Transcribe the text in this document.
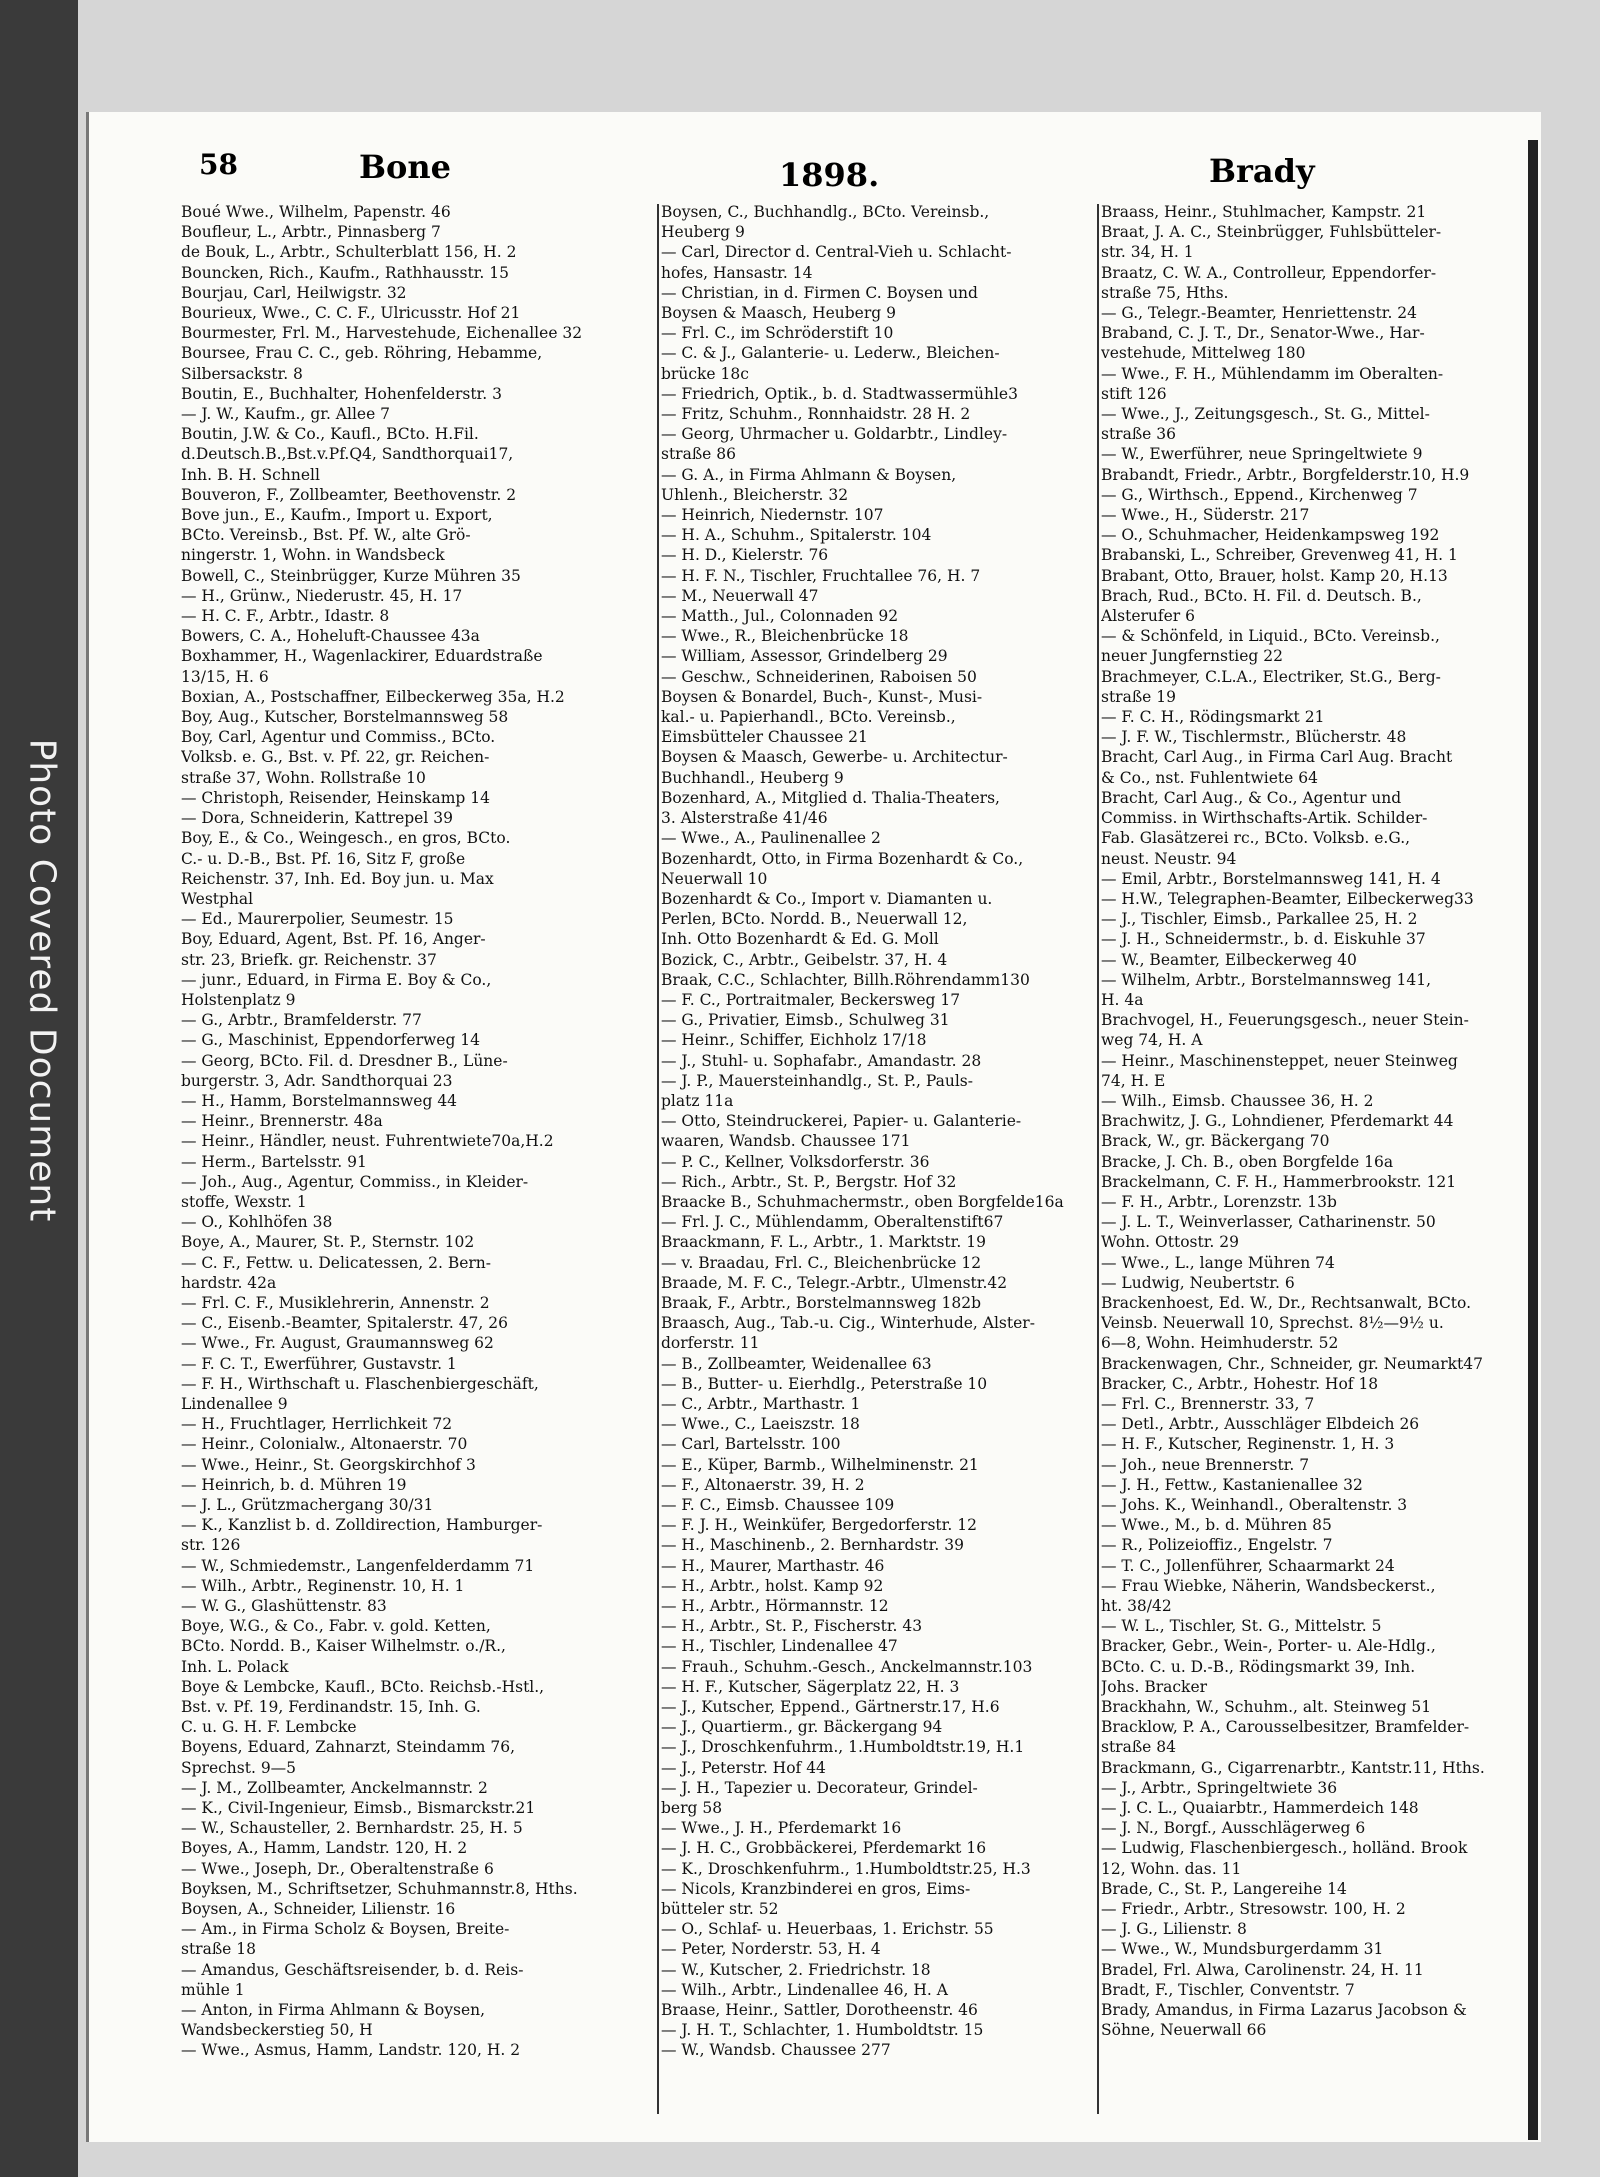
Photo Covered Document
58	Bone	1898.	Brady
Boué Wwe., Wilhelm, Papenstr. 46
Boufleur, L., Arbtr., Pinnasberg 7
de Bouk, L., Arbtr., Schulterblatt 156, H. 2
Bouncken, Rich., Kaufm., Rathhausstr. 15
Bourjau, Carl, Heilwigstr. 32
Bourieux, Wwe., C. C. F., Ulricusstr. Hof 21
Bourmester, Frl. M., Harvestehude, Eichenallee 32
Boursee, Frau C. C., geb. Röhring, Hebamme,
Silbersackstr. 8
Boutin, E., Buchhalter, Hohenfelderstr. 3
— J. W., Kaufm., gr. Allee 7
Boutin, J.W. & Co., Kaufl., BCto. H.Fil.
d.Deutsch.B.,Bst.v.Pf.Q4, Sandthorquai17,
Inh. B. H. Schnell
Bouveron, F., Zollbeamter, Beethovenstr. 2
Bove jun., E., Kaufm., Import u. Export,
BCto. Vereinsb., Bst. Pf. W., alte Grö-
ningerstr. 1, Wohn. in Wandsbeck
Bowell, C., Steinbrügger, Kurze Mühren 35
— H., Grünw., Niederustr. 45, H. 17
— H. C. F., Arbtr., Idastr. 8
Bowers, C. A., Hoheluft-Chaussee 43a
Boxhammer, H., Wagenlackirer, Eduardstraße
13/15, H. 6
Boxian, A., Postschaffner, Eilbeckerweg 35a, H.2
Boy, Aug., Kutscher, Borstelmannsweg 58
Boy, Carl, Agentur und Commiss., BCto.
Volksb. e. G., Bst. v. Pf. 22, gr. Reichen-
straße 37, Wohn. Rollstraße 10
— Christoph, Reisender, Heinskamp 14
— Dora, Schneiderin, Kattrepel 39
Boy, E., & Co., Weingesch., en gros, BCto.
C.- u. D.-B., Bst. Pf. 16, Sitz F, große
Reichenstr. 37, Inh. Ed. Boy jun. u. Max
Westphal
— Ed., Maurerpolier, Seumestr. 15
Boy, Eduard, Agent, Bst. Pf. 16, Anger-
str. 23, Briefk. gr. Reichenstr. 37
— junr., Eduard, in Firma E. Boy & Co.,
Holstenplatz 9
— G., Arbtr., Bramfelderstr. 77
— G., Maschinist, Eppendorferweg 14
— Georg, BCto. Fil. d. Dresdner B., Lüne-
burgerstr. 3, Adr. Sandthorquai 23
— H., Hamm, Borstelmannsweg 44
— Heinr., Brennerstr. 48a
— Heinr., Händler, neust. Fuhrentwiete70a,H.2
— Herm., Bartelsstr. 91
— Joh., Aug., Agentur, Commiss., in Kleider-
stoffe, Wexstr. 1
— O., Kohlhöfen 38
Boye, A., Maurer, St. P., Sternstr. 102
— C. F., Fettw. u. Delicatessen, 2. Bern-
hardstr. 42a
— Frl. C. F., Musiklehrerin, Annenstr. 2
— C., Eisenb.-Beamter, Spitalerstr. 47, 26
— Wwe., Fr. August, Graumannsweg 62
— F. C. T., Ewerführer, Gustavstr. 1
— F. H., Wirthschaft u. Flaschenbiergeschäft,
Lindenallee 9
— H., Fruchtlager, Herrlichkeit 72
— Heinr., Colonialw., Altonaerstr. 70
— Wwe., Heinr., St. Georgskirchhof 3
— Heinrich, b. d. Mühren 19
— J. L., Grützmachergang 30/31
— K., Kanzlist b. d. Zolldirection, Hamburger-
str. 126
— W., Schmiedemstr., Langenfelderdamm 71
— Wilh., Arbtr., Reginenstr. 10, H. 1
— W. G., Glashüttenstr. 83
Boye, W.G., & Co., Fabr. v. gold. Ketten,
BCto. Nordd. B., Kaiser Wilhelmstr. o./R.,
Inh. L. Polack
Boye & Lembcke, Kaufl., BCto. Reichsb.-Hstl.,
Bst. v. Pf. 19, Ferdinandstr. 15, Inh. G.
C. u. G. H. F. Lembcke
Boyens, Eduard, Zahnarzt, Steindamm 76,
Sprechst. 9—5
— J. M., Zollbeamter, Anckelmannstr. 2
— K., Civil-Ingenieur, Eimsb., Bismarckstr.21
— W., Schausteller, 2. Bernhardstr. 25, H. 5
Boyes, A., Hamm, Landstr. 120, H. 2
— Wwe., Joseph, Dr., Oberaltenstraße 6
Boyksen, M., Schriftsetzer, Schuhmannstr.8, Hths.
Boysen, A., Schneider, Lilienstr. 16
— Am., in Firma Scholz & Boysen, Breite-
straße 18
— Amandus, Geschäftsreisender, b. d. Reis-
mühle 1
— Anton, in Firma Ahlmann & Boysen,
Wandsbeckerstieg 50, H
— Wwe., Asmus, Hamm, Landstr. 120, H. 2
Boysen, C., Buchhandlg., BCto. Vereinsb.,
Heuberg 9
— Carl, Director d. Central-Vieh u. Schlacht-
hofes, Hansastr. 14
— Christian, in d. Firmen C. Boysen und
Boysen & Maasch, Heuberg 9
— Frl. C., im Schröderstift 10
— C. & J., Galanterie- u. Lederw., Bleichen-
brücke 18c
— Friedrich, Optik., b. d. Stadtwassermühle3
— Fritz, Schuhm., Ronnhaidstr. 28 H. 2
— Georg, Uhrmacher u. Goldarbtr., Lindley-
straße 86
— G. A., in Firma Ahlmann & Boysen,
Uhlenh., Bleicherstr. 32
— Heinrich, Niedernstr. 107
— H. A., Schuhm., Spitalerstr. 104
— H. D., Kielerstr. 76
— H. F. N., Tischler, Fruchtallee 76, H. 7
— M., Neuerwall 47
— Matth., Jul., Colonnaden 92
— Wwe., R., Bleichenbrücke 18
— William, Assessor, Grindelberg 29
— Geschw., Schneiderinen, Raboisen 50
Boysen & Bonardel, Buch-, Kunst-, Musi-
kal.- u. Papierhandl., BCto. Vereinsb.,
Eimsbütteler Chaussee 21
Boysen & Maasch, Gewerbe- u. Architectur-
Buchhandl., Heuberg 9
Bozenhard, A., Mitglied d. Thalia-Theaters,
3. Alsterstraße 41/46
— Wwe., A., Paulinenallee 2
Bozenhardt, Otto, in Firma Bozenhardt & Co.,
Neuerwall 10
Bozenhardt & Co., Import v. Diamanten u.
Perlen, BCto. Nordd. B., Neuerwall 12,
Inh. Otto Bozenhardt & Ed. G. Moll
Bozick, C., Arbtr., Geibelstr. 37, H. 4
Braak, C.C., Schlachter, Billh.Röhrendamm130
— F. C., Portraitmaler, Beckersweg 17
— G., Privatier, Eimsb., Schulweg 31
— Heinr., Schiffer, Eichholz 17/18
— J., Stuhl- u. Sophafabr., Amandastr. 28
— J. P., Mauersteinhandlg., St. P., Pauls-
platz 11a
— Otto, Steindruckerei, Papier- u. Galanterie-
waaren, Wandsb. Chaussee 171
— P. C., Kellner, Volksdorferstr. 36
— Rich., Arbtr., St. P., Bergstr. Hof 32
Braacke B., Schuhmachermstr., oben Borgfelde16a
— Frl. J. C., Mühlendamm, Oberaltenstift67
Braackmann, F. L., Arbtr., 1. Marktstr. 19
— v. Braadau, Frl. C., Bleichenbrücke 12
Braade, M. F. C., Telegr.-Arbtr., Ulmenstr.42
Braak, F., Arbtr., Borstelmannsweg 182b
Braasch, Aug., Tab.-u. Cig., Winterhude, Alster-
dorferstr. 11
— B., Zollbeamter, Weidenallee 63
— B., Butter- u. Eierhdlg., Peterstraße 10
— C., Arbtr., Marthastr. 1
— Wwe., C., Laeiszstr. 18
— Carl, Bartelsstr. 100
— E., Küper, Barmb., Wilhelminenstr. 21
— F., Altonaerstr. 39, H. 2
— F. C., Eimsb. Chaussee 109
— F. J. H., Weinküfer, Bergedorferstr. 12
— H., Maschinenb., 2. Bernhardstr. 39
— H., Maurer, Marthastr. 46
— H., Arbtr., holst. Kamp 92
— H., Arbtr., Hörmannstr. 12
— H., Arbtr., St. P., Fischerstr. 43
— H., Tischler, Lindenallee 47
— Frauh., Schuhm.-Gesch., Anckelmannstr.103
— H. F., Kutscher, Sägerplatz 22, H. 3
— J., Kutscher, Eppend., Gärtnerstr.17, H.6
— J., Quartierm., gr. Bäckergang 94
— J., Droschkenfuhrm., 1.Humboldtstr.19, H.1
— J., Peterstr. Hof 44
— J. H., Tapezier u. Decorateur, Grindel-
berg 58
— Wwe., J. H., Pferdemarkt 16
— J. H. C., Grobbäckerei, Pferdemarkt 16
— K., Droschkenfuhrm., 1.Humboldtstr.25, H.3
— Nicols, Kranzbinderei en gros, Eims-
bütteler str. 52
— O., Schlaf- u. Heuerbaas, 1. Erichstr. 55
— Peter, Norderstr. 53, H. 4
— W., Kutscher, 2. Friedrichstr. 18
— Wilh., Arbtr., Lindenallee 46, H. A
Braase, Heinr., Sattler, Dorotheenstr. 46
— J. H. T., Schlachter, 1. Humboldtstr. 15
— W., Wandsb. Chaussee 277
Braass, Heinr., Stuhlmacher, Kampstr. 21
Braat, J. A. C., Steinbrügger, Fuhlsbütteler-
str. 34, H. 1
Braatz, C. W. A., Controlleur, Eppendorfer-
straße 75, Hths.
— G., Telegr.-Beamter, Henriettenstr. 24
Braband, C. J. T., Dr., Senator-Wwe., Har-
vestehude, Mittelweg 180
— Wwe., F. H., Mühlendamm im Oberalten-
stift 126
— Wwe., J., Zeitungsgesch., St. G., Mittel-
straße 36
— W., Ewerführer, neue Springeltwiete 9
Brabandt, Friedr., Arbtr., Borgfelderstr.10, H.9
— G., Wirthsch., Eppend., Kirchenweg 7
— Wwe., H., Süderstr. 217
— O., Schuhmacher, Heidenkampsweg 192
Brabanski, L., Schreiber, Grevenweg 41, H. 1
Brabant, Otto, Brauer, holst. Kamp 20, H.13
Brach, Rud., BCto. H. Fil. d. Deutsch. B.,
Alsterufer 6
— & Schönfeld, in Liquid., BCto. Vereinsb.,
neuer Jungfernstieg 22
Brachmeyer, C.L.A., Electriker, St.G., Berg-
straße 19
— F. C. H., Rödingsmarkt 21
— J. F. W., Tischlermstr., Blücherstr. 48
Bracht, Carl Aug., in Firma Carl Aug. Bracht
& Co., nst. Fuhlentwiete 64
Bracht, Carl Aug., & Co., Agentur und
Commiss. in Wirthschafts-Artik. Schilder-
Fab. Glasätzerei rc., BCto. Volksb. e.G.,
neust. Neustr. 94
— Emil, Arbtr., Borstelmannsweg 141, H. 4
— H.W., Telegraphen-Beamter, Eilbeckerweg33
— J., Tischler, Eimsb., Parkallee 25, H. 2
— J. H., Schneidermstr., b. d. Eiskuhle 37
— W., Beamter, Eilbeckerweg 40
— Wilhelm, Arbtr., Borstelmannsweg 141,
H. 4a
Brachvogel, H., Feuerungsgesch., neuer Stein-
weg 74, H. A
— Heinr., Maschinensteppet, neuer Steinweg
74, H. E
— Wilh., Eimsb. Chaussee 36, H. 2
Brachwitz, J. G., Lohndiener, Pferdemarkt 44
Brack, W., gr. Bäckergang 70
Bracke, J. Ch. B., oben Borgfelde 16a
Brackelmann, C. F. H., Hammerbrookstr. 121
— F. H., Arbtr., Lorenzstr. 13b
— J. L. T., Weinverlasser, Catharinenstr. 50
Wohn. Ottostr. 29
— Wwe., L., lange Mühren 74
— Ludwig, Neubertstr. 6
Brackenhoest, Ed. W., Dr., Rechtsanwalt, BCto.
Veinsb. Neuerwall 10, Sprechst. 8½—9½ u.
6—8, Wohn. Heimhuderstr. 52
Brackenwagen, Chr., Schneider, gr. Neumarkt47
Bracker, C., Arbtr., Hohestr. Hof 18
— Frl. C., Brennerstr. 33, 7
— Detl., Arbtr., Ausschläger Elbdeich 26
— H. F., Kutscher, Reginenstr. 1, H. 3
— Joh., neue Brennerstr. 7
— J. H., Fettw., Kastanienallee 32
— Johs. K., Weinhandl., Oberaltenstr. 3
— Wwe., M., b. d. Mühren 85
— R., Polizeioffiz., Engelstr. 7
— T. C., Jollenführer, Schaarmarkt 24
— Frau Wiebke, Näherin, Wandsbeckerst.,
ht. 38/42
— W. L., Tischler, St. G., Mittelstr. 5
Bracker, Gebr., Wein-, Porter- u. Ale-Hdlg.,
BCto. C. u. D.-B., Rödingsmarkt 39, Inh.
Johs. Bracker
Brackhahn, W., Schuhm., alt. Steinweg 51
Bracklow, P. A., Carousselbesitzer, Bramfelder-
straße 84
Brackmann, G., Cigarrenarbtr., Kantstr.11, Hths.
— J., Arbtr., Springeltwiete 36
— J. C. L., Quaiarbtr., Hammerdeich 148
— J. N., Borgf., Ausschlägerweg 6
— Ludwig, Flaschenbiergesch., holländ. Brook
12, Wohn. das. 11
Brade, C., St. P., Langereihe 14
— Friedr., Arbtr., Stresowstr. 100, H. 2
— J. G., Lilienstr. 8
— Wwe., W., Mundsburgerdamm 31
Bradel, Frl. Alwa, Carolinenstr. 24, H. 11
Bradt, F., Tischler, Conventstr. 7
Brady, Amandus, in Firma Lazarus Jacobson &
Söhne, Neuerwall 66
